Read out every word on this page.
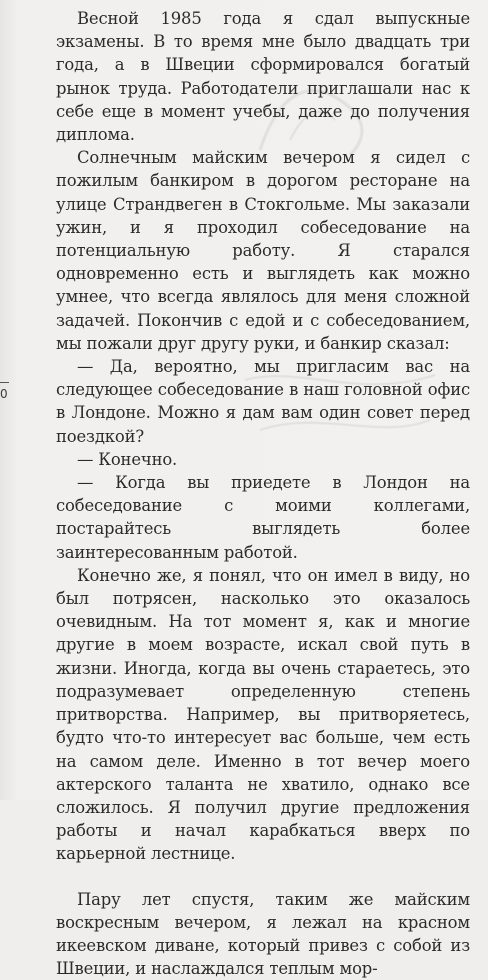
0

Весной 1985 года я сдал выпускные экзамены. В то время мне было двадцать три года, а в Швеции сформировался богатый рынок труда. Работодатели приглашали нас к себе еще в момент учебы, даже до получения диплома.

Солнечным майским вечером я сидел с пожилым банкиром в дорогом ресторане на улице Страндвеген в Стокгольме. Мы заказали ужин, и я проходил собеседование на потенциальную работу. Я старался одновременно есть и выглядеть как можно умнее, что всегда являлось для меня сложной задачей. Покончив с едой и с собеседованием, мы пожали друг другу руки, и банкир сказал:

— Да, вероятно, мы пригласим вас на следующее собеседование в наш головной офис в Лондоне. Можно я дам вам один совет перед поездкой?

— Конечно.

— Когда вы приедете в Лондон на собеседование с моими коллегами, постарайтесь выглядеть более заинтересованным работой.

Конечно же, я понял, что он имел в виду, но был потрясен, насколько это оказалось очевидным. На тот момент я, как и многие другие в моем возрасте, искал свой путь в жизни. Иногда, когда вы очень стараетесь, это подразумевает определенную степень притворства. Например, вы притворяетесь, будто что-то интересует вас больше, чем есть на самом деле. Именно в тот вечер моего актерского таланта не хватило, однако все сложилось. Я получил другие предложения работы и начал карабкаться вверх по карьерной лестнице.

Пару лет спустя, таким же майским воскресным вечером, я лежал на красном икеевском диване, который привез с собой из Швеции, и наслаждался теплым мор-
